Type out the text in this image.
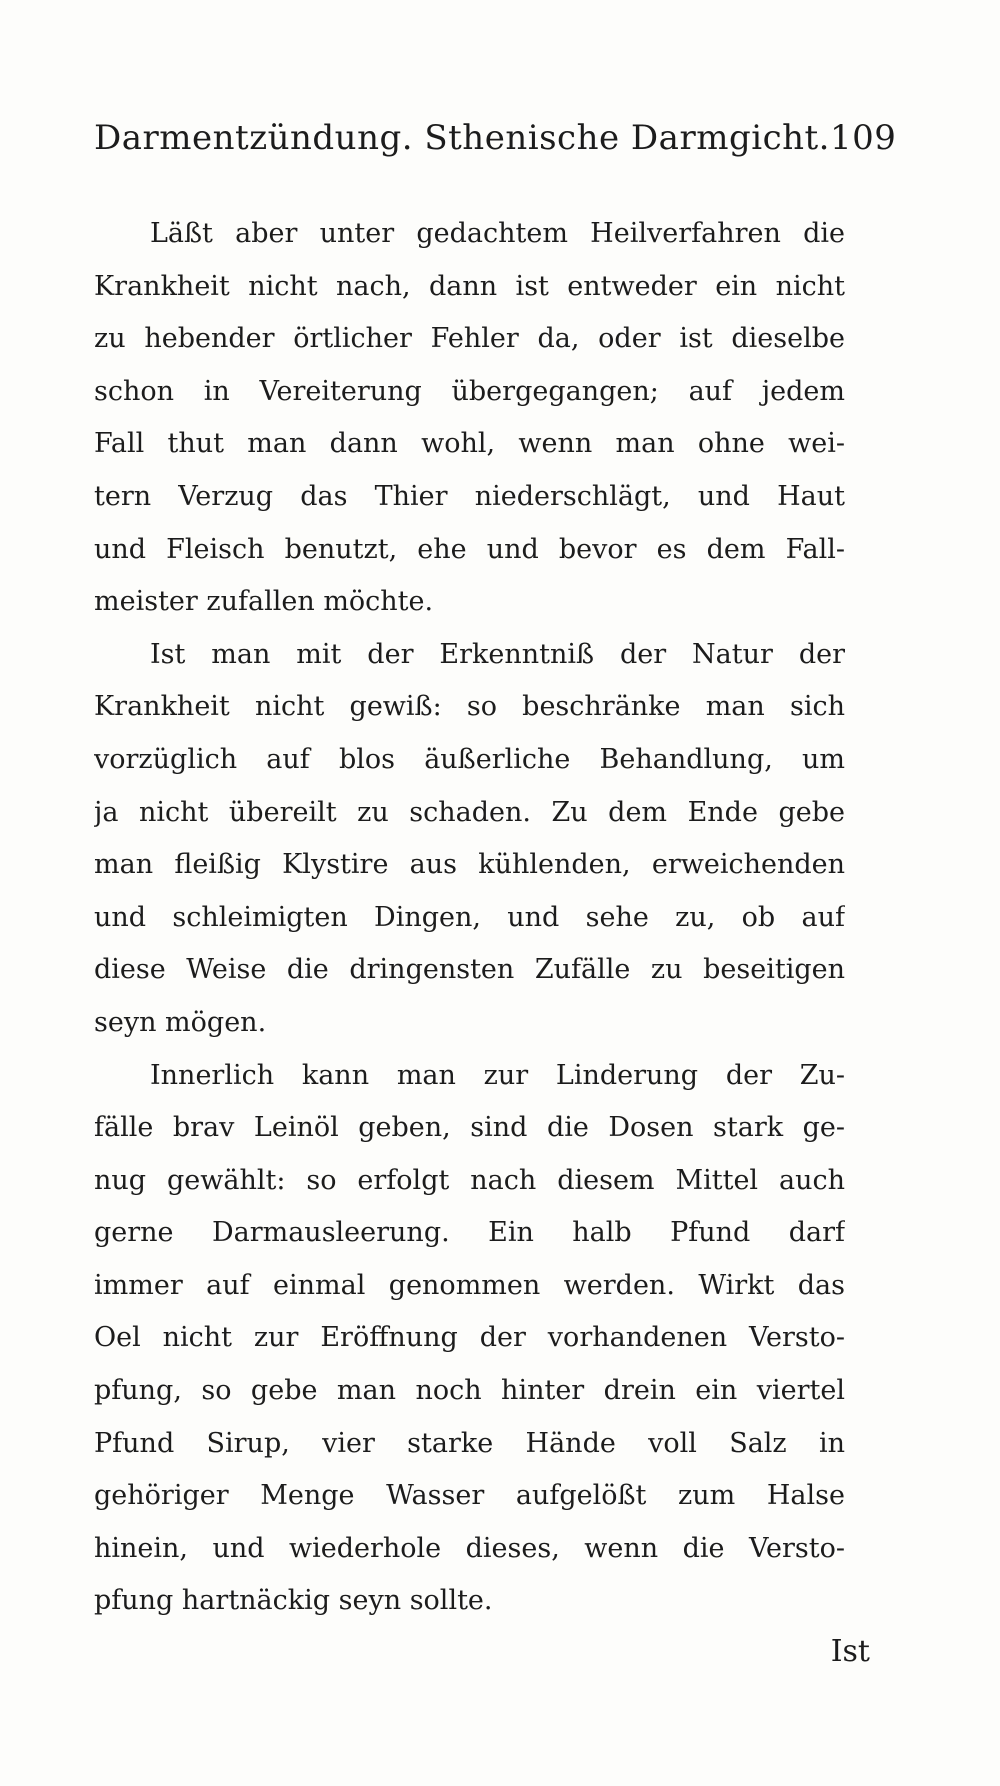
Darmentzündung. Sthenische Darmgicht. 109
Läßt aber unter gedachtem Heilverfahren die
Krankheit nicht nach, dann ist entweder ein nicht
zu hebender örtlicher Fehler da, oder ist dieselbe
schon in Vereiterung übergegangen; auf jedem
Fall thut man dann wohl, wenn man ohne wei-
tern Verzug das Thier niederschlägt, und Haut
und Fleisch benutzt, ehe und bevor es dem Fall-
meister zufallen möchte.
Ist man mit der Erkenntniß der Natur der
Krankheit nicht gewiß: so beschränke man sich
vorzüglich auf blos äußerliche Behandlung, um
ja nicht übereilt zu schaden. Zu dem Ende gebe
man fleißig Klystire aus kühlenden, erweichenden
und schleimigten Dingen, und sehe zu, ob auf
diese Weise die dringensten Zufälle zu beseitigen
seyn mögen.
Innerlich kann man zur Linderung der Zu-
fälle brav Leinöl geben, sind die Dosen stark ge-
nug gewählt: so erfolgt nach diesem Mittel auch
gerne Darmausleerung. Ein halb Pfund darf
immer auf einmal genommen werden. Wirkt das
Oel nicht zur Eröffnung der vorhandenen Versto-
pfung, so gebe man noch hinter drein ein viertel
Pfund Sirup, vier starke Hände voll Salz in
gehöriger Menge Wasser aufgelößt zum Halse
hinein, und wiederhole dieses, wenn die Versto-
pfung hartnäckig seyn sollte.
Ist
